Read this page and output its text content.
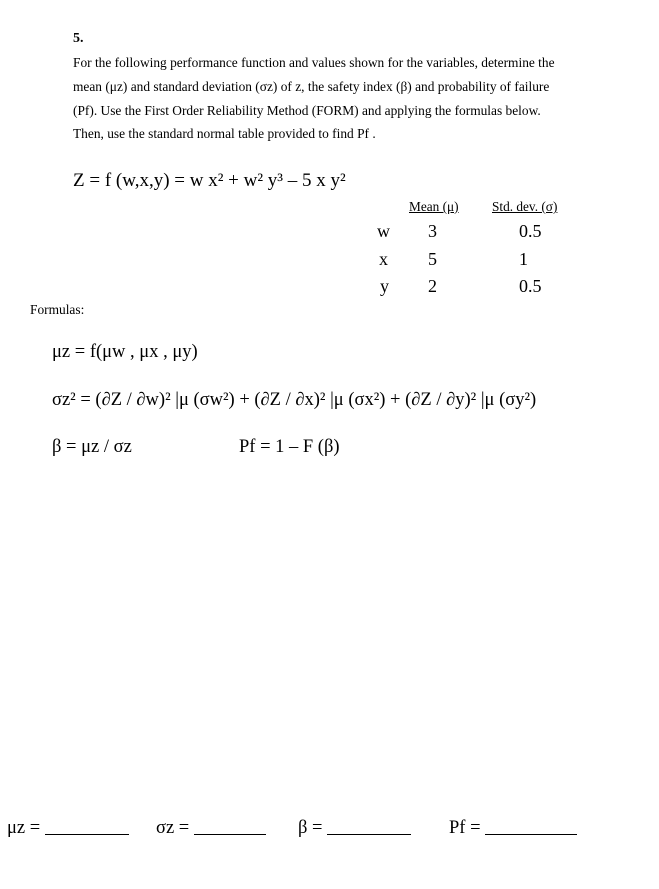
5.
For the following performance function and values shown for the variables, determine the
mean (μz) and standard deviation (σz) of z, the safety index (β) and probability of failure
(Pf). Use the First Order Reliability Method (FORM) and applying the formulas below.
Then, use the standard normal table provided to find Pf .
Z = f (w,x,y) = w x² + w² y³ – 5 x y²
Mean (μ)	Std. dev. (σ)
w 3	0.5
x 5	1
y 2	0.5
Formulas:
μz = f(μw , μx , μy)
σz² = (∂Z / ∂w)² |μ (σw²) + (∂Z / ∂x)² |μ (σx²) + (∂Z / ∂y)² |μ (σy²)
β = μz / σz	Pf = 1 – F (β)
μz =	σz =	β =	Pf =
